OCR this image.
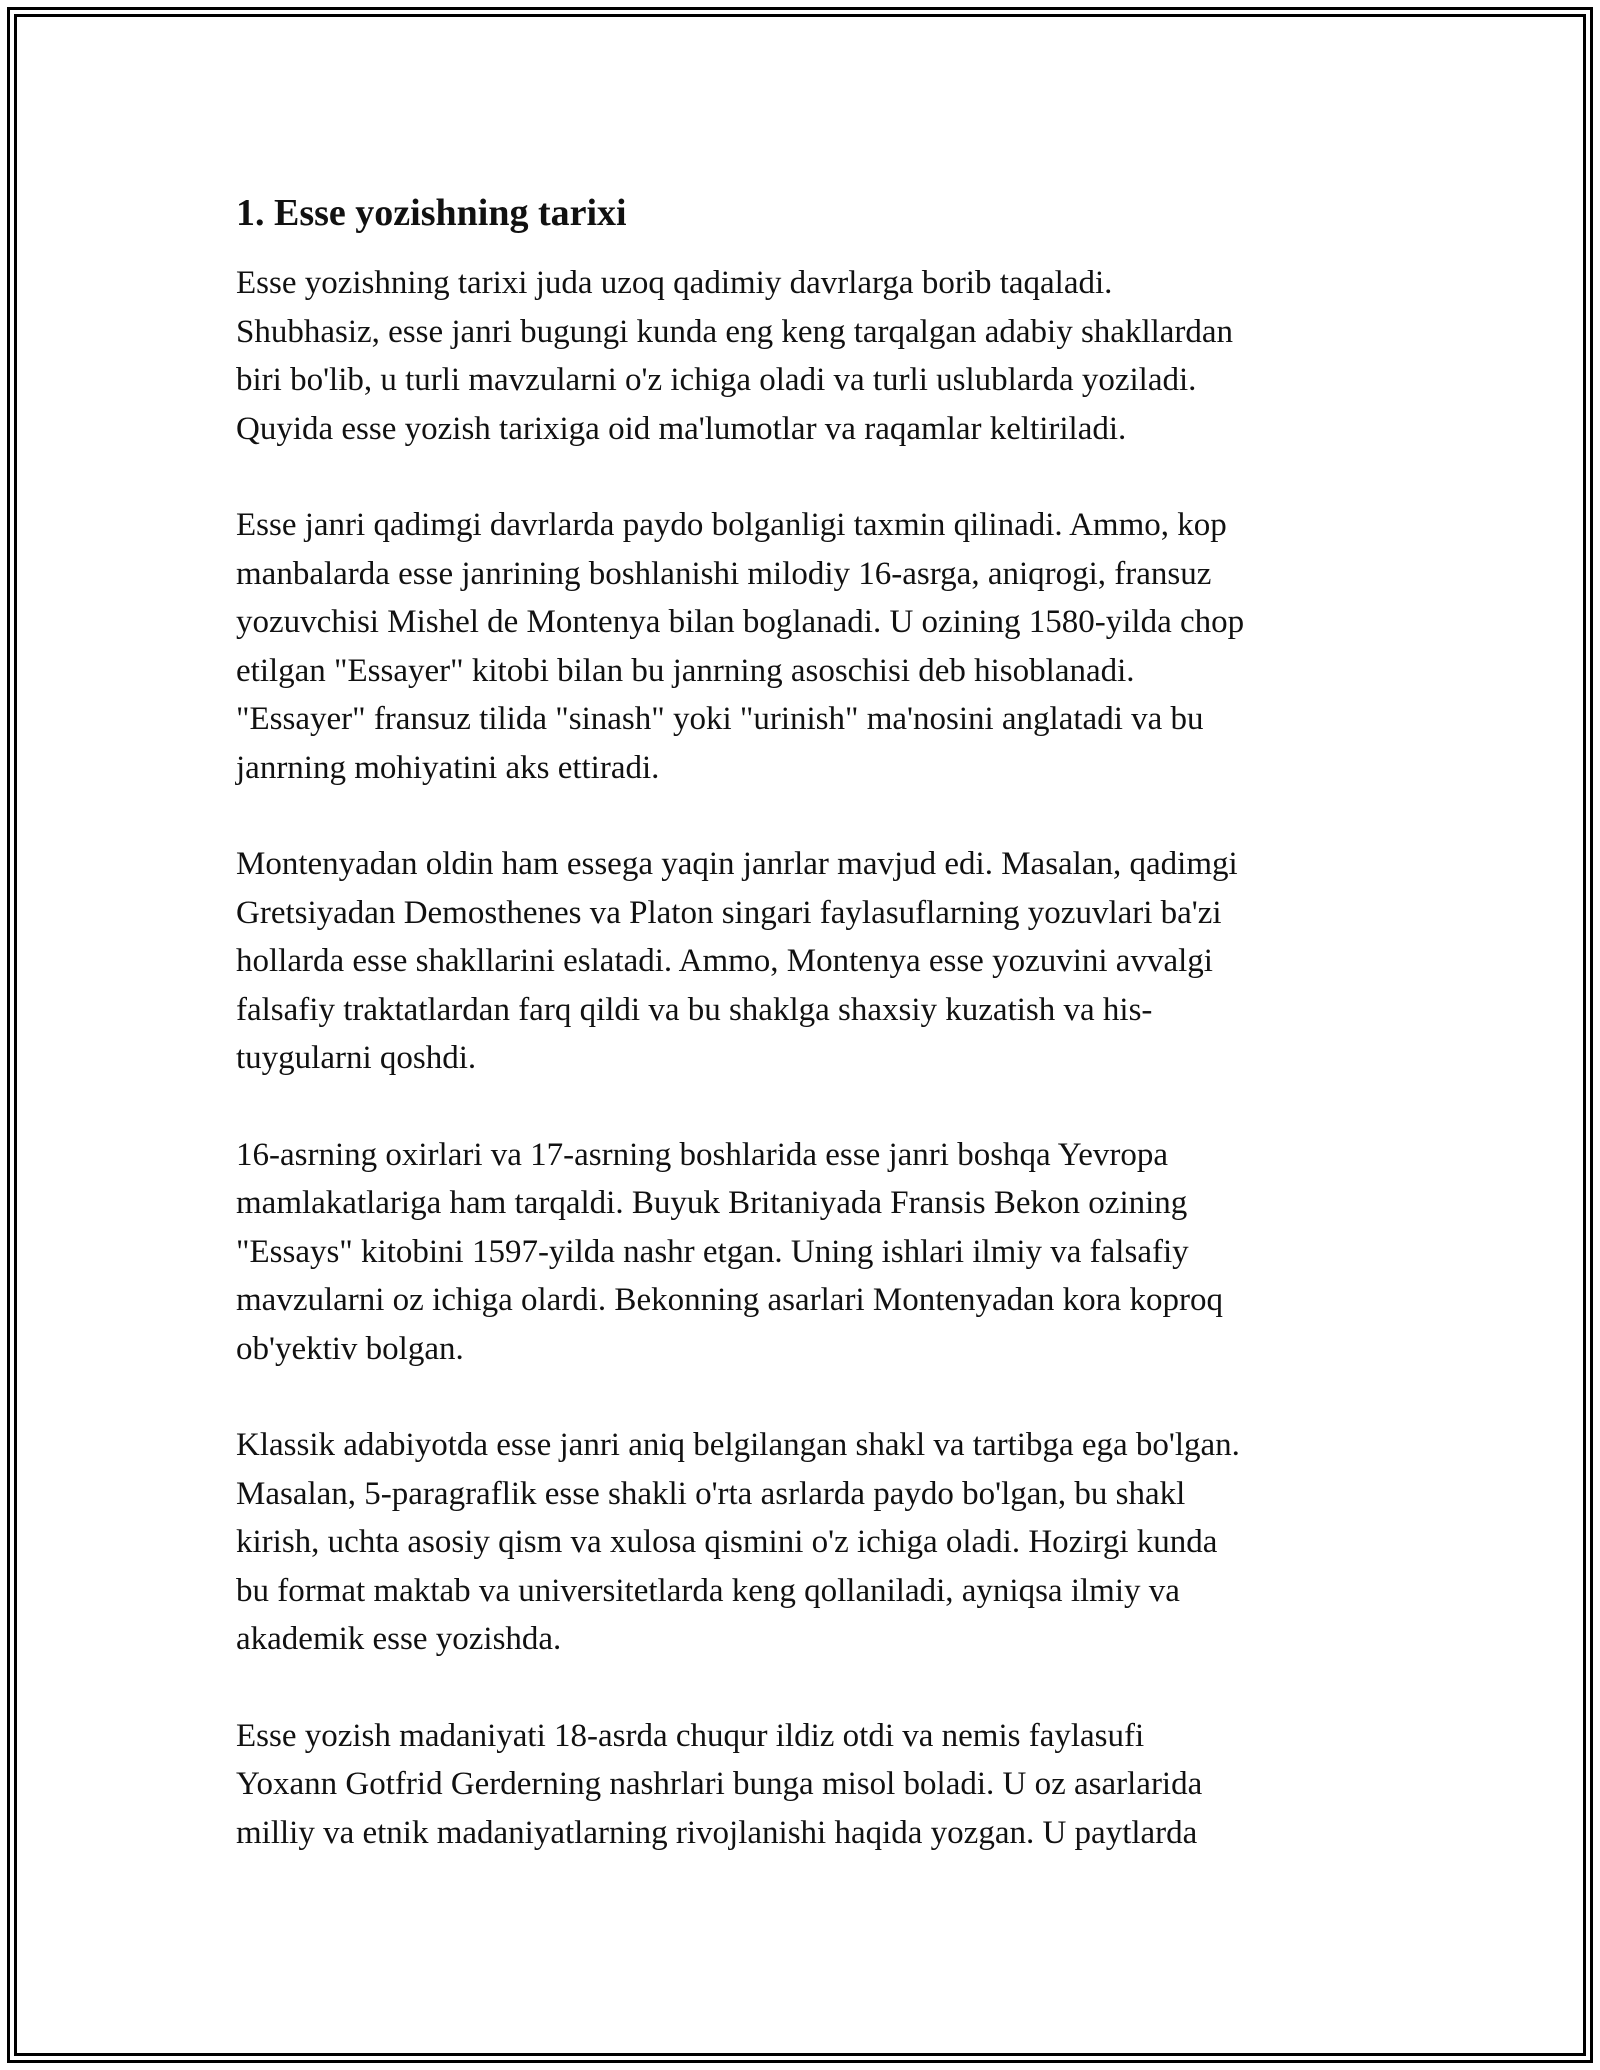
1. Esse yozishning tarixi

Esse yozishning tarixi juda uzoq qadimiy davrlarga borib taqaladi.
Shubhasiz, esse janri bugungi kunda eng keng tarqalgan adabiy shakllardan
biri bo'lib, u turli mavzularni o'z ichiga oladi va turli uslublarda yoziladi.
Quyida esse yozish tarixiga oid ma'lumotlar va raqamlar keltiriladi.

Esse janri qadimgi davrlarda paydo bolganligi taxmin qilinadi. Ammo, kop
manbalarda esse janrining boshlanishi milodiy 16-asrga, aniqrogi, fransuz
yozuvchisi Mishel de Montenya bilan boglanadi. U ozining 1580-yilda chop
etilgan "Essayer" kitobi bilan bu janrning asoschisi deb hisoblanadi.
"Essayer" fransuz tilida "sinash" yoki "urinish" ma'nosini anglatadi va bu
janrning mohiyatini aks ettiradi.

Montenyadan oldin ham essega yaqin janrlar mavjud edi. Masalan, qadimgi
Gretsiyadan Demosthenes va Platon singari faylasuflarning yozuvlari ba'zi
hollarda esse shakllarini eslatadi. Ammo, Montenya esse yozuvini avvalgi
falsafiy traktatlardan farq qildi va bu shaklga shaxsiy kuzatish va his-
tuygularni qoshdi.

16-asrning oxirlari va 17-asrning boshlarida esse janri boshqa Yevropa
mamlakatlariga ham tarqaldi. Buyuk Britaniyada Fransis Bekon ozining
"Essays" kitobini 1597-yilda nashr etgan. Uning ishlari ilmiy va falsafiy
mavzularni oz ichiga olardi. Bekonning asarlari Montenyadan kora koproq
ob'yektiv bolgan.

Klassik adabiyotda esse janri aniq belgilangan shakl va tartibga ega bo'lgan.
Masalan, 5-paragraflik esse shakli o'rta asrlarda paydo bo'lgan, bu shakl
kirish, uchta asosiy qism va xulosa qismini o'z ichiga oladi. Hozirgi kunda
bu format maktab va universitetlarda keng qollaniladi, ayniqsa ilmiy va
akademik esse yozishda.

Esse yozish madaniyati 18-asrda chuqur ildiz otdi va nemis faylasufi
Yoxann Gotfrid Gerderning nashrlari bunga misol boladi. U oz asarlarida
milliy va etnik madaniyatlarning rivojlanishi haqida yozgan. U paytlarda
